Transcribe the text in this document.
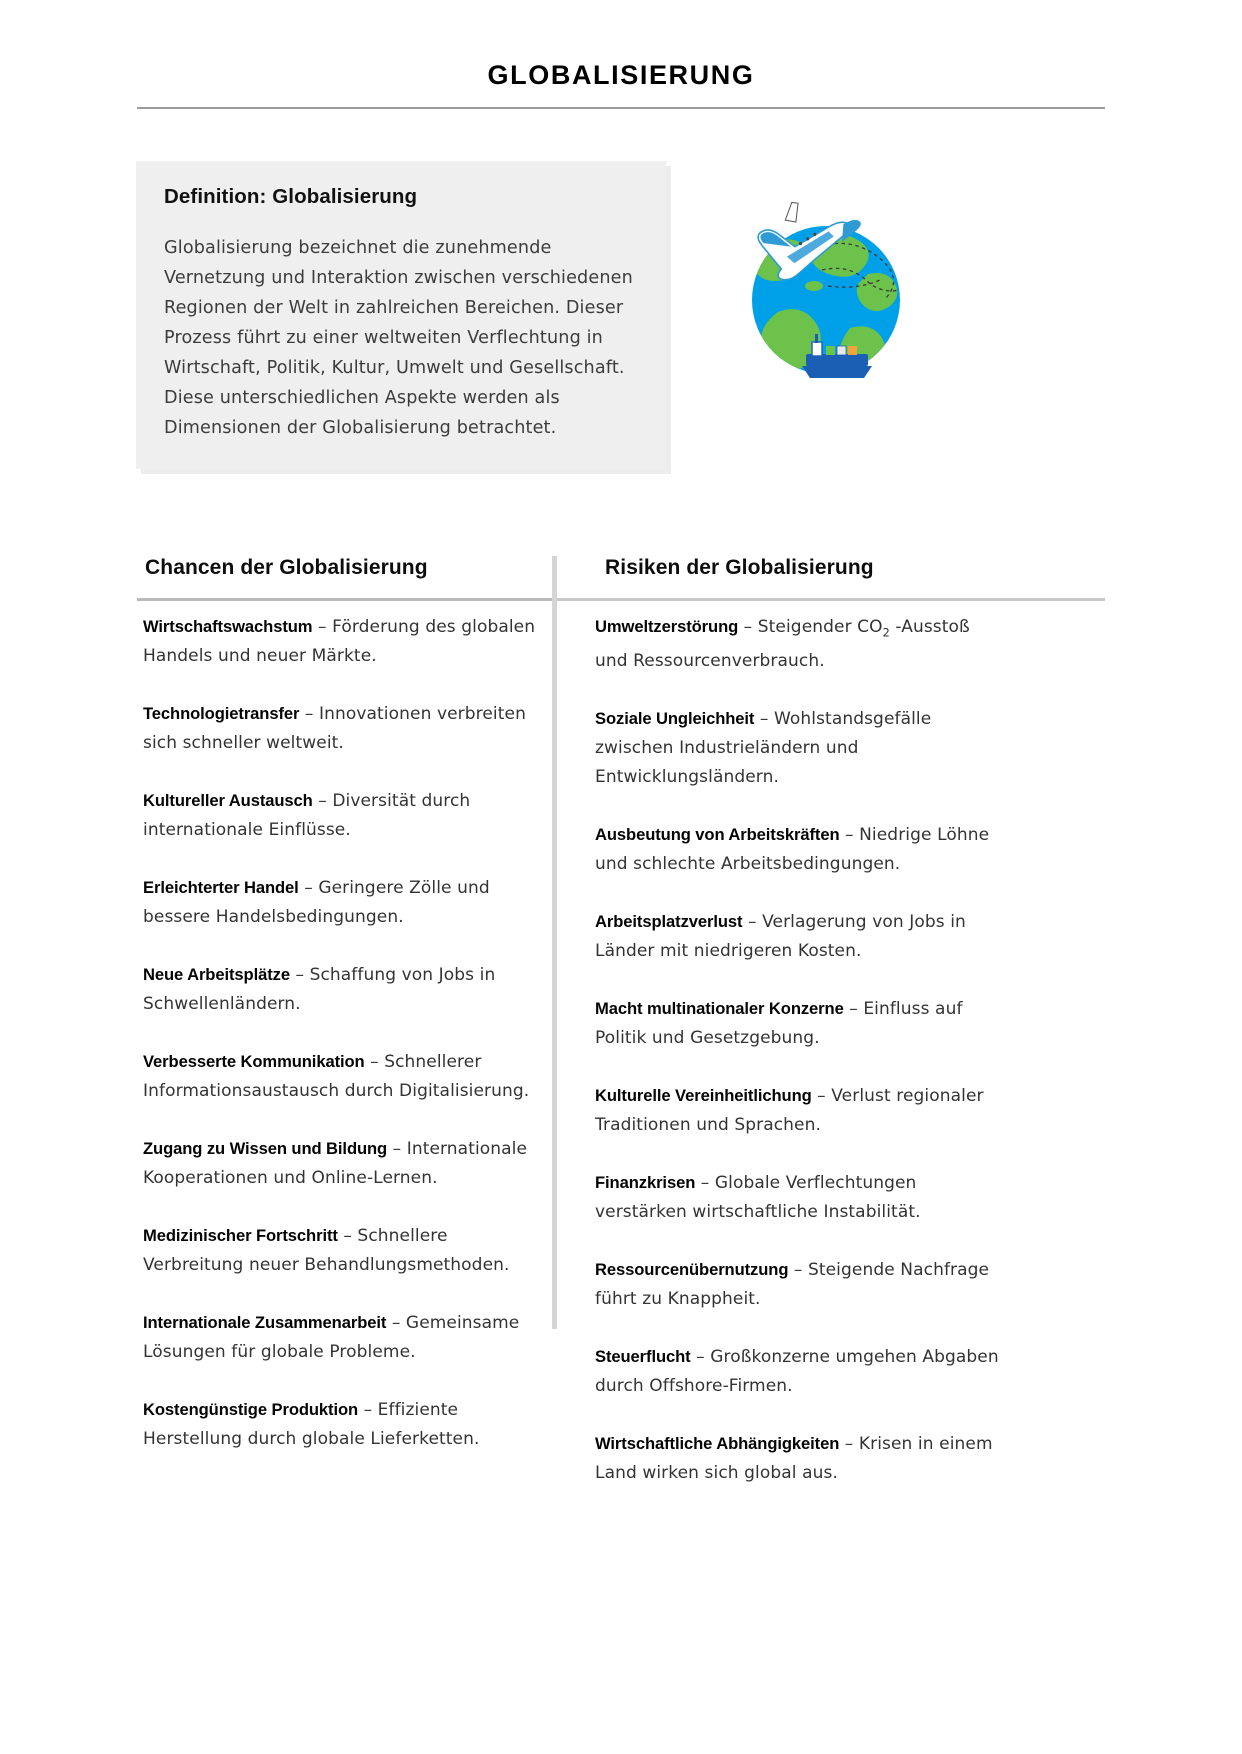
GLOBALISIERUNG
Definition: Globalisierung
Globalisierung bezeichnet die zunehmende Vernetzung und Interaktion zwischen verschiedenen Regionen der Welt in zahlreichen Bereichen. Dieser Prozess führt zu einer weltweiten Verflechtung in Wirtschaft, Politik, Kultur, Umwelt und Gesellschaft. Diese unterschiedlichen Aspekte werden als Dimensionen der Globalisierung betrachtet.
Chancen der Globalisierung	Risiken der Globalisierung

Wirtschaftswachstum – Förderung des globalen Handels und neuer Märkte.

Technologietransfer – Innovationen verbreiten sich schneller weltweit.

Kultureller Austausch – Diversität durch internationale Einflüsse.

Erleichterter Handel – Geringere Zölle und bessere Handelsbedingungen.

Neue Arbeitsplätze – Schaffung von Jobs in Schwellenländern.

Verbesserte Kommunikation – Schnellerer Informationsaustausch durch Digitalisierung.

Zugang zu Wissen und Bildung – Internationale Kooperationen und Online-Lernen.

Medizinischer Fortschritt – Schnellere Verbreitung neuer Behandlungsmethoden.

Internationale Zusammenarbeit – Gemeinsame Lösungen für globale Probleme.

Kostengünstige Produktion – Effiziente Herstellung durch globale Lieferketten.

Umweltzerstörung – Steigender $CO_2$ -Ausstoß und Ressourcenverbrauch.

Soziale Ungleichheit – Wohlstandsgefälle zwischen Industrieländern und Entwicklungsländern.

Ausbeutung von Arbeitskräften – Niedrige Löhne und schlechte Arbeitsbedingungen.

Arbeitsplatzverlust – Verlagerung von Jobs in Länder mit niedrigeren Kosten.

Macht multinationaler Konzerne – Einfluss auf Politik und Gesetzgebung.

Kulturelle Vereinheitlichung – Verlust regionaler Traditionen und Sprachen.

Finanzkrisen – Globale Verflechtungen verstärken wirtschaftliche Instabilität.

Ressourcenübernutzung – Steigende Nachfrage führt zu Knappheit.

Steuerflucht – Großkonzerne umgehen Abgaben durch Offshore-Firmen.

Wirtschaftliche Abhängigkeiten – Krisen in einem Land wirken sich global aus.
